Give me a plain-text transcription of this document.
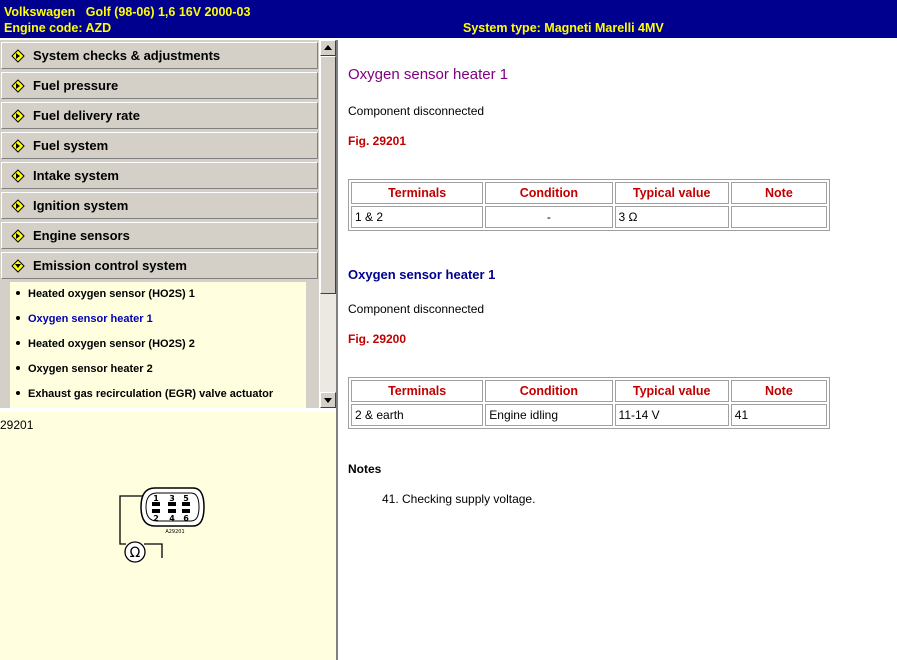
Volkswagen   Golf (98-06) 1,6 16V 2000-03
Engine code: AZD	System type: Magneti Marelli 4MV
System checks & adjustments
Fuel pressure
Fuel delivery rate
Fuel system
Intake system
Ignition system
Engine sensors
Emission control system
Heated oxygen sensor (HO2S) 1
Oxygen sensor heater 1
Heated oxygen sensor (HO2S) 2
Oxygen sensor heater 2
Exhaust gas recirculation (EGR) valve actuator
29201
Ω
1 3 5
2 4 6
A29201
Oxygen sensor heater 1
Component disconnected
Fig. 29201
Terminals	Condition	Typical value	Note
1 & 2	-	3 Ω	
Oxygen sensor heater 1
Component disconnected
Fig. 29200
Terminals	Condition	Typical value	Note
2 & earth	Engine idling	11-14 V	41
Notes
41. Checking supply voltage.
